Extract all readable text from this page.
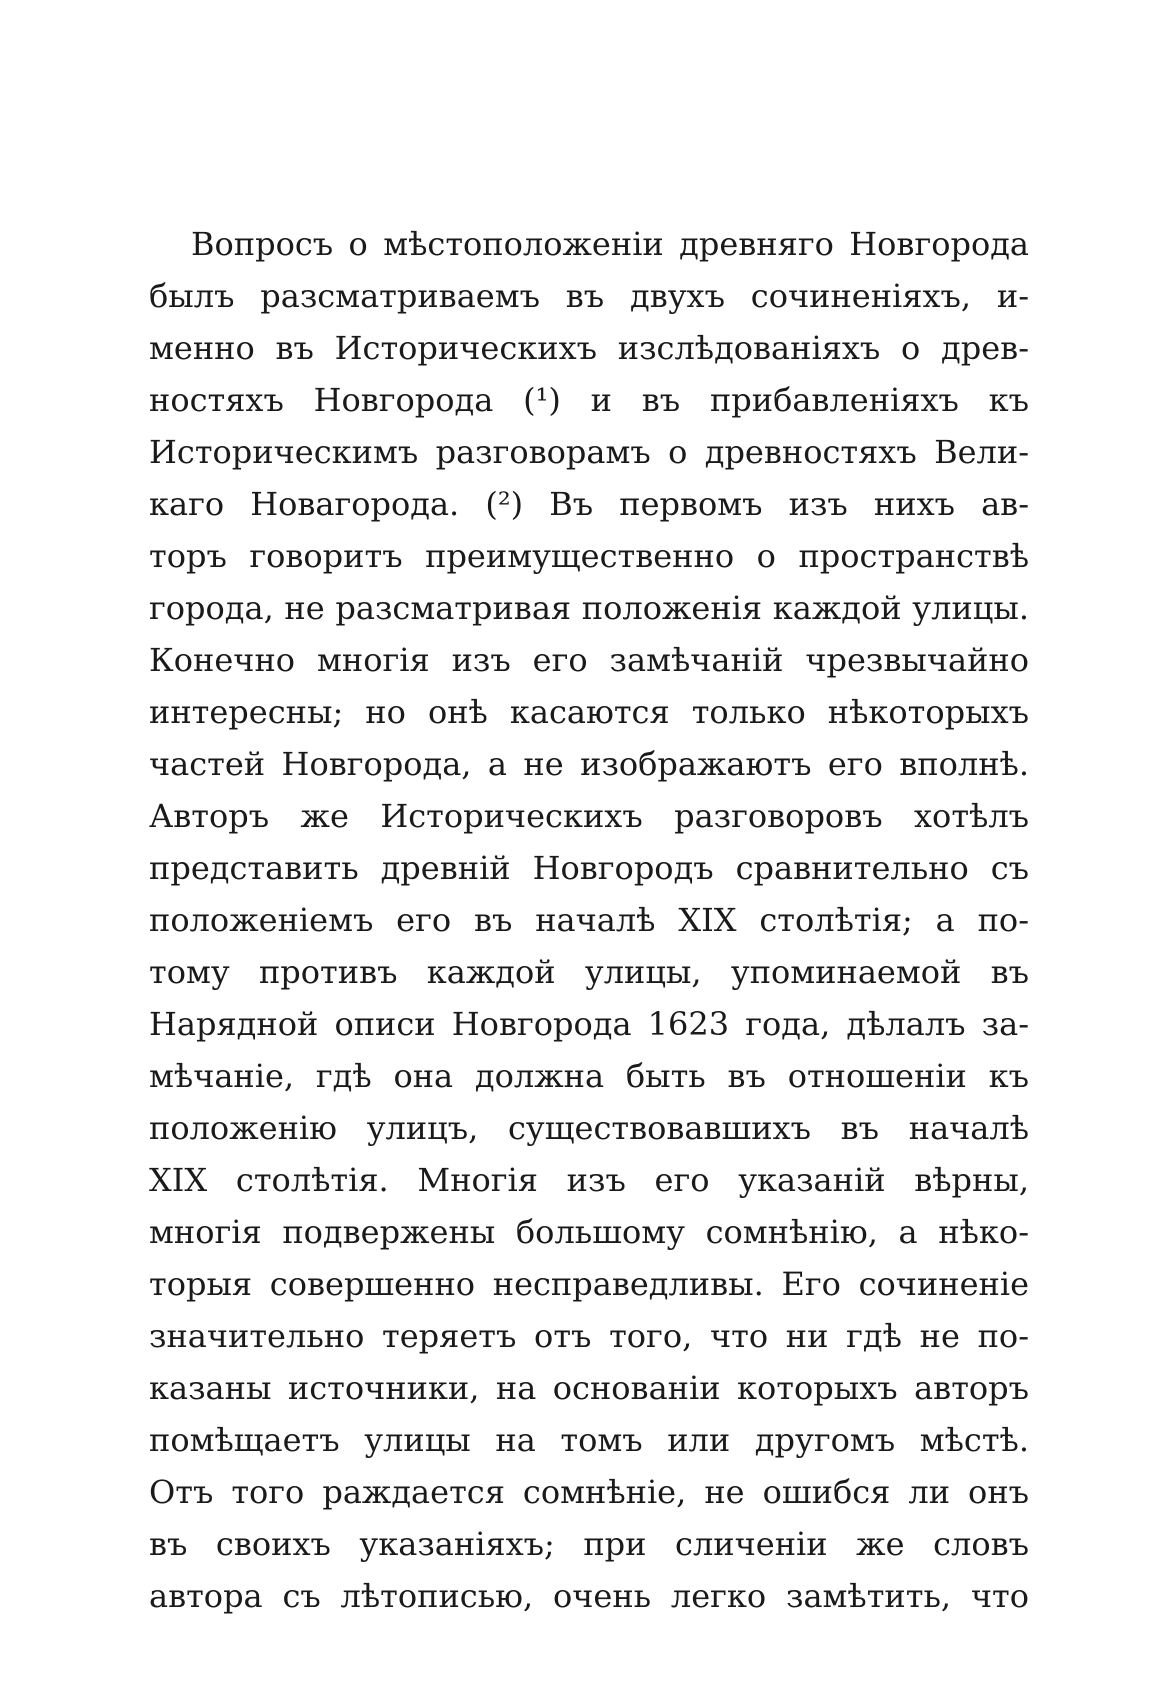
Вопросъ о мѣстоположеніи древняго Новгорода
былъ разсматриваемъ въ двухъ сочиненіяхъ, и-
менно въ Историческихъ изслѣдованіяхъ о древ-
ностяхъ Новгорода (¹) и въ прибавленіяхъ къ
Историческимъ разговорамъ о древностяхъ Вели-
каго Новагорода. (²) Въ первомъ изъ нихъ ав-
торъ говоритъ преимущественно о пространствѣ
города, не разсматривая положенія каждой улицы.
Конечно многія изъ его замѣчаній чрезвычайно
интересны; но онѣ касаются только нѣкоторыхъ
частей Новгорода, а не изображаютъ его вполнѣ.
Авторъ же Историческихъ разговоровъ хотѣлъ
представить древній Новгородъ сравнительно съ
положеніемъ его въ началѣ XIX столѣтія; а по-
тому противъ каждой улицы, упоминаемой въ
Нарядной описи Новгорода 1623 года, дѣлалъ за-
мѣчаніе, гдѣ она должна быть въ отношеніи къ
положенію улицъ, существовавшихъ въ началѣ
XIX столѣтія. Многія изъ его указаній вѣрны,
многія подвержены большому сомнѣнію, а нѣко-
торыя совершенно несправедливы. Его сочиненіе
значительно теряетъ отъ того, что ни гдѣ не по-
казаны источники, на основаніи которыхъ авторъ
помѣщаетъ улицы на томъ или другомъ мѣстѣ.
Отъ того раждается сомнѣніе, не ошибся ли онъ
въ своихъ указаніяхъ; при сличеніи же словъ
автора съ лѣтописью, очень легко замѣтить, что
